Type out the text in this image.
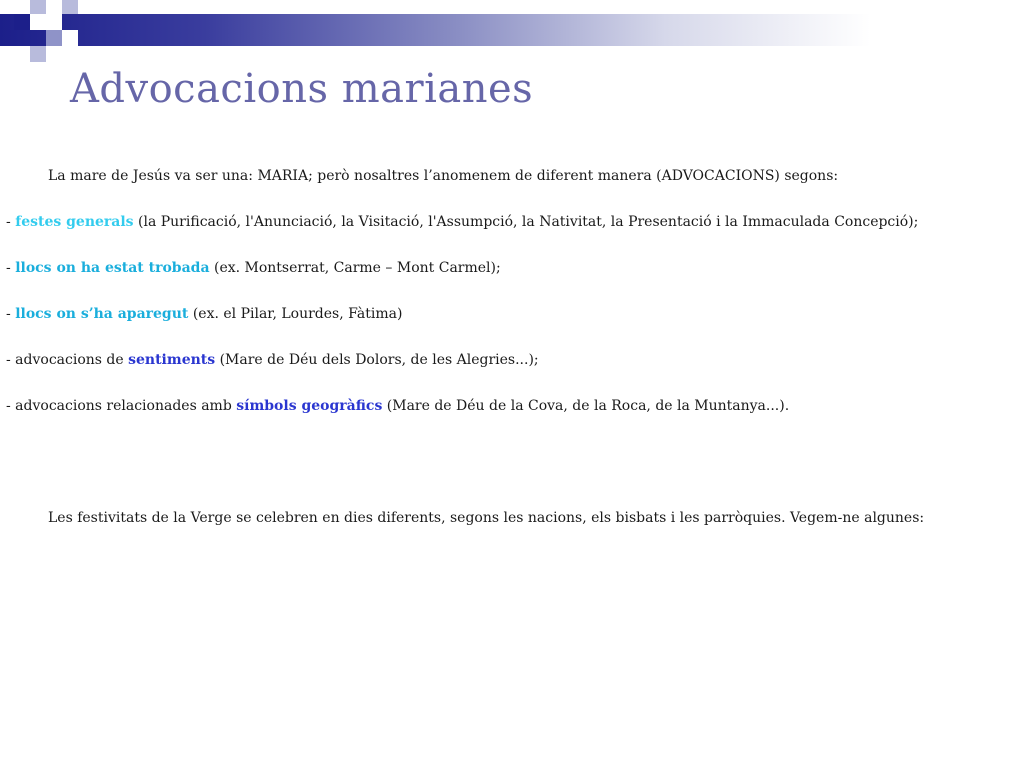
Advocacions marianes

La mare de Jesús va ser una: MARIA; però nosaltres l’anomenem de diferent manera (ADVOCACIONS) segons:

- festes generals (la Purificació, l'Anunciació, la Visitació, l'Assumpció, la Nativitat, la Presentació i la Immaculada Concepció);

- llocs on ha estat trobada (ex. Montserrat, Carme – Mont Carmel);

- llocs on s’ha aparegut (ex. el Pilar, Lourdes, Fàtima)

- advocacions de sentiments (Mare de Déu dels Dolors, de les Alegries...);

- advocacions relacionades amb símbols geogràfics (Mare de Déu de la Cova, de la Roca, de la Muntanya...).

Les festivitats de la Verge se celebren en dies diferents, segons les nacions, els bisbats i les parròquies. Vegem-ne algunes:
